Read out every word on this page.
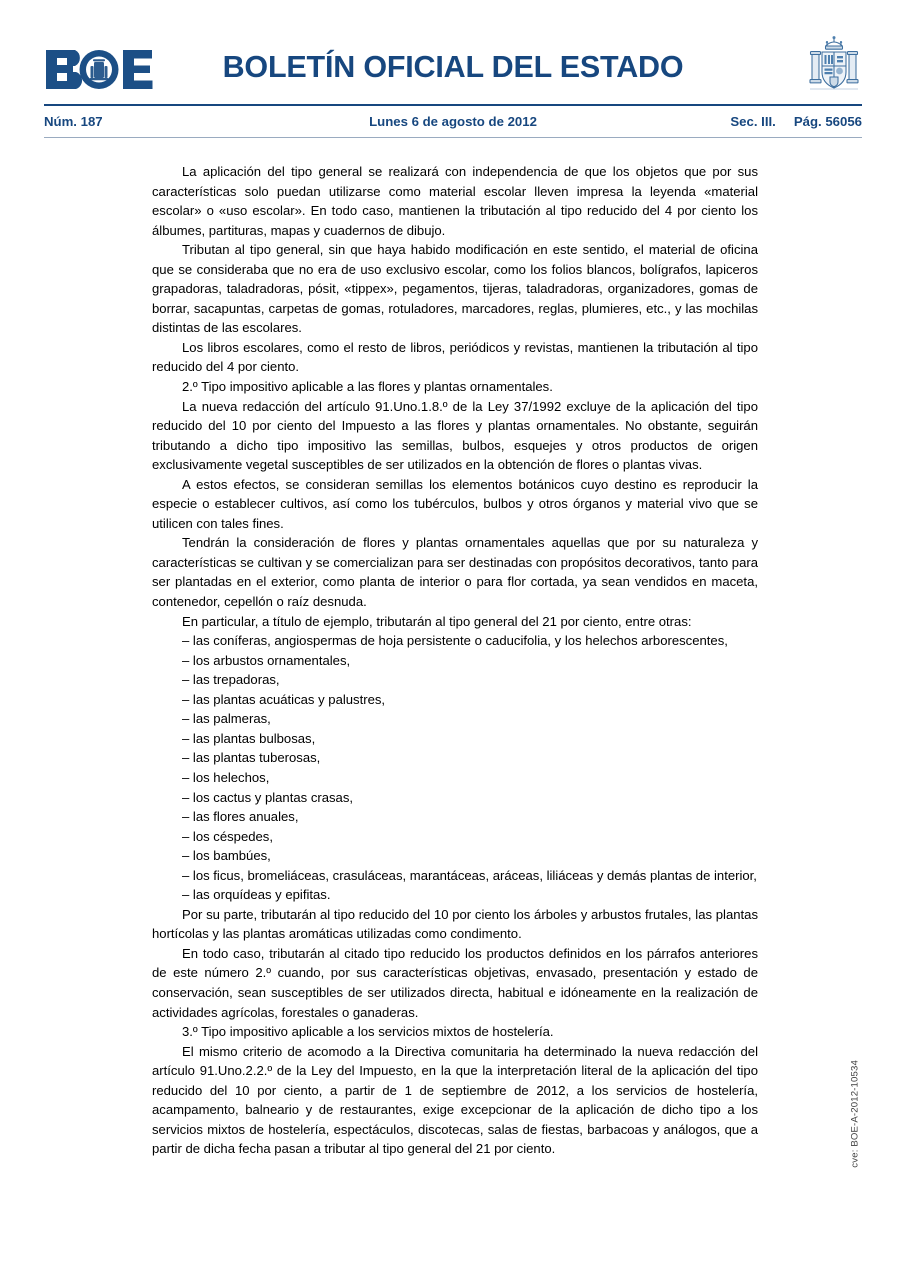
BOLETÍN OFICIAL DEL ESTADO
Núm. 187	Lunes 6 de agosto de 2012	Sec. III. Pág. 56056

La aplicación del tipo general se realizará con independencia de que los objetos que por sus características solo puedan utilizarse como material escolar lleven impresa la leyenda «material escolar» o «uso escolar». En todo caso, mantienen la tributación al tipo reducido del 4 por ciento los álbumes, partituras, mapas y cuadernos de dibujo.

Tributan al tipo general, sin que haya habido modificación en este sentido, el material de oficina que se consideraba que no era de uso exclusivo escolar, como los folios blancos, bolígrafos, lapiceros grapadoras, taladradoras, pósit, «tippex», pegamentos, tijeras, taladradoras, organizadores, gomas de borrar, sacapuntas, carpetas de gomas, rotuladores, marcadores, reglas, plumieres, etc., y las mochilas distintas de las escolares.

Los libros escolares, como el resto de libros, periódicos y revistas, mantienen la tributación al tipo reducido del 4 por ciento.

2.º Tipo impositivo aplicable a las flores y plantas ornamentales.

La nueva redacción del artículo 91.Uno.1.8.º de la Ley 37/1992 excluye de la aplicación del tipo reducido del 10 por ciento del Impuesto a las flores y plantas ornamentales. No obstante, seguirán tributando a dicho tipo impositivo las semillas, bulbos, esquejes y otros productos de origen exclusivamente vegetal susceptibles de ser utilizados en la obtención de flores o plantas vivas.

A estos efectos, se consideran semillas los elementos botánicos cuyo destino es reproducir la especie o establecer cultivos, así como los tubérculos, bulbos y otros órganos y material vivo que se utilicen con tales fines.

Tendrán la consideración de flores y plantas ornamentales aquellas que por su naturaleza y características se cultivan y se comercializan para ser destinadas con propósitos decorativos, tanto para ser plantadas en el exterior, como planta de interior o para flor cortada, ya sean vendidos en maceta, contenedor, cepellón o raíz desnuda.

En particular, a título de ejemplo, tributarán al tipo general del 21 por ciento, entre otras:

– las coníferas, angiospermas de hoja persistente o caducifolia, y los helechos arborescentes,

– los arbustos ornamentales,

– las trepadoras,

– las plantas acuáticas y palustres,

– las palmeras,

– las plantas bulbosas,

– las plantas tuberosas,

– los helechos,

– los cactus y plantas crasas,

– las flores anuales,

– los céspedes,

– los bambúes,

– los ficus, bromeliáceas, crasuláceas, marantáceas, aráceas, liliáceas y demás plantas de interior,

– las orquídeas y epifitas.

Por su parte, tributarán al tipo reducido del 10 por ciento los árboles y arbustos frutales, las plantas hortícolas y las plantas aromáticas utilizadas como condimento.

En todo caso, tributarán al citado tipo reducido los productos definidos en los párrafos anteriores de este número 2.º cuando, por sus características objetivas, envasado, presentación y estado de conservación, sean susceptibles de ser utilizados directa, habitual e idóneamente en la realización de actividades agrícolas, forestales o ganaderas.

3.º Tipo impositivo aplicable a los servicios mixtos de hostelería.

El mismo criterio de acomodo a la Directiva comunitaria ha determinado la nueva redacción del artículo 91.Uno.2.2.º de la Ley del Impuesto, en la que la interpretación literal de la aplicación del tipo reducido del 10 por ciento, a partir de 1 de septiembre de 2012, a los servicios de hostelería, acampamento, balneario y de restaurantes, exige excepcionar de la aplicación de dicho tipo a los servicios mixtos de hostelería, espectáculos, discotecas, salas de fiestas, barbacoas y análogos, que a partir de dicha fecha pasan a tributar al tipo general del 21 por ciento.	cve: BOE-A-2012-10534
